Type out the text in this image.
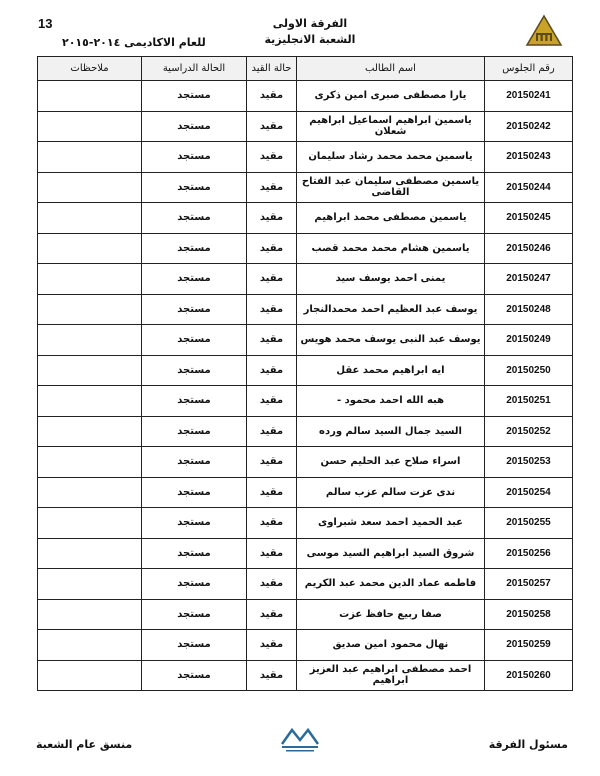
13
للعام الاكاديمى ٢٠١٤-٢٠١٥
الفرقة الاولى
الشعبة الانجليزية
رقم الجلوس	اسم الطالب	حالة القيد	الحالة الدراسية	ملاحظات
20150241	يارا مصطفى صبرى امين ذكرى	مقيد	مستجد	
20150242	ياسمين ابراهيم اسماعيل ابراهيم شعلان	مقيد	مستجد	
20150243	ياسمين محمد محمد رشاد سليمان	مقيد	مستجد	
20150244	ياسمين مصطفى سليمان عبد الفتاح القاضى	مقيد	مستجد	
20150245	ياسمين مصطفى محمد ابراهيم	مقيد	مستجد	
20150246	ياسمين هشام محمد محمد قصب	مقيد	مستجد	
20150247	يمنى احمد يوسف سيد	مقيد	مستجد	
20150248	يوسف عبد العظيم احمد محمدالنجار	مقيد	مستجد	
20150249	يوسف عبد النبى يوسف محمد هويس	مقيد	مستجد	
20150250	ايه ابراهيم محمد عقل	مقيد	مستجد	
20150251	هبه الله احمد محمود -	مقيد	مستجد	
20150252	السيد جمال السيد سالم ورده	مقيد	مستجد	
20150253	اسراء صلاح عبد الحليم حسن	مقيد	مستجد	
20150254	ندى عزت سالم عزب سالم	مقيد	مستجد	
20150255	عبد الحميد احمد سعد شبراوى	مقيد	مستجد	
20150256	شروق السيد ابراهيم السيد موسى	مقيد	مستجد	
20150257	فاطمه عماد الدين محمد عبد الكريم	مقيد	مستجد	
20150258	صفا ربيع حافظ عزت	مقيد	مستجد	
20150259	نهال محمود امين صديق	مقيد	مستجد	
20150260	احمد مصطفى ابراهيم عبد العزيز ابراهيم	مقيد	مستجد	
مسئول الفرقة
منسق عام الشعبة
